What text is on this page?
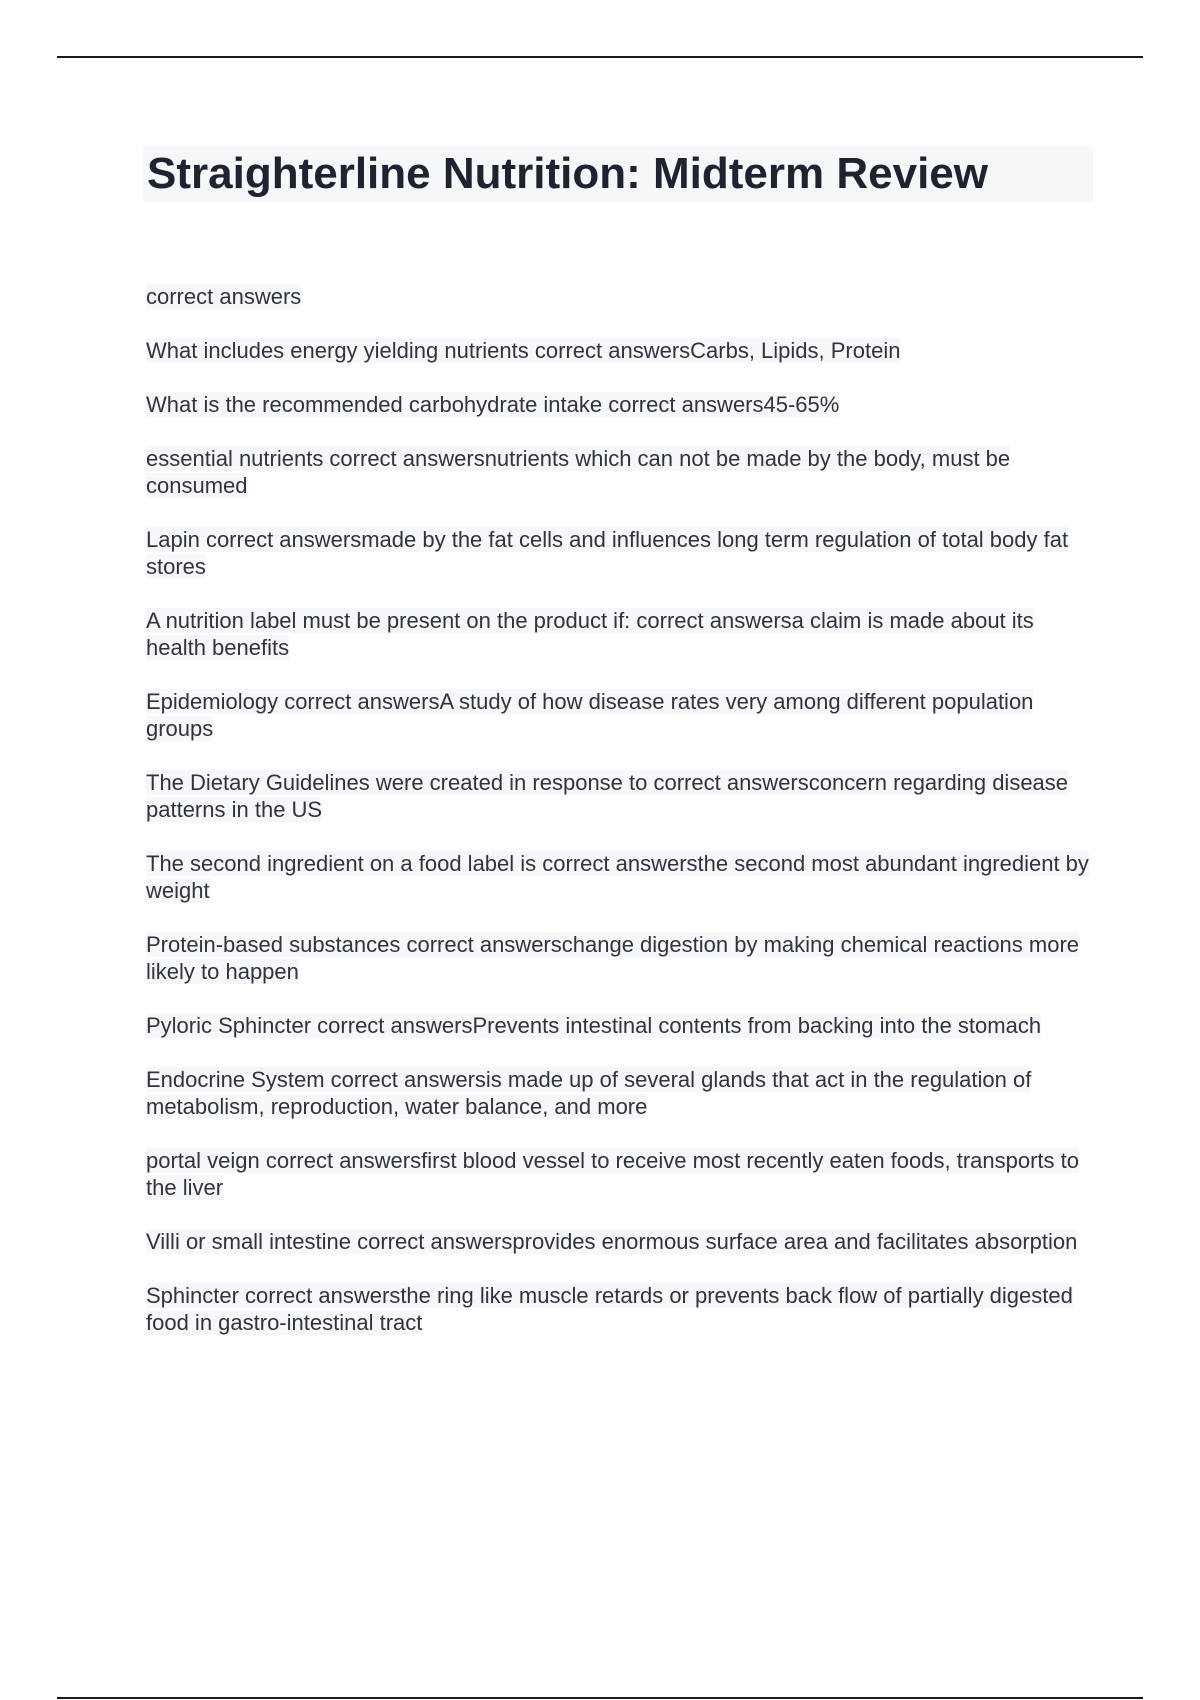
Straighterline Nutrition: Midterm Review

correct answers

What includes energy yielding nutrients correct answersCarbs, Lipids, Protein

What is the recommended carbohydrate intake correct answers45-65%

essential nutrients correct answersnutrients which can not be made by the body, must be consumed

Lapin correct answersmade by the fat cells and influences long term regulation of total body fat stores

A nutrition label must be present on the product if: correct answersa claim is made about its health benefits

Epidemiology correct answersA study of how disease rates very among different population groups

The Dietary Guidelines were created in response to correct answersconcern regarding disease patterns in the US

The second ingredient on a food label is correct answersthe second most abundant ingredient by weight

Protein-based substances correct answerschange digestion by making chemical reactions more likely to happen

Pyloric Sphincter correct answersPrevents intestinal contents from backing into the stomach

Endocrine System correct answersis made up of several glands that act in the regulation of metabolism, reproduction, water balance, and more

portal veign correct answersfirst blood vessel to receive most recently eaten foods, transports to the liver

Villi or small intestine correct answersprovides enormous surface area and facilitates absorption

Sphincter correct answersthe ring like muscle retards or prevents back flow of partially digested food in gastro-intestinal tract
